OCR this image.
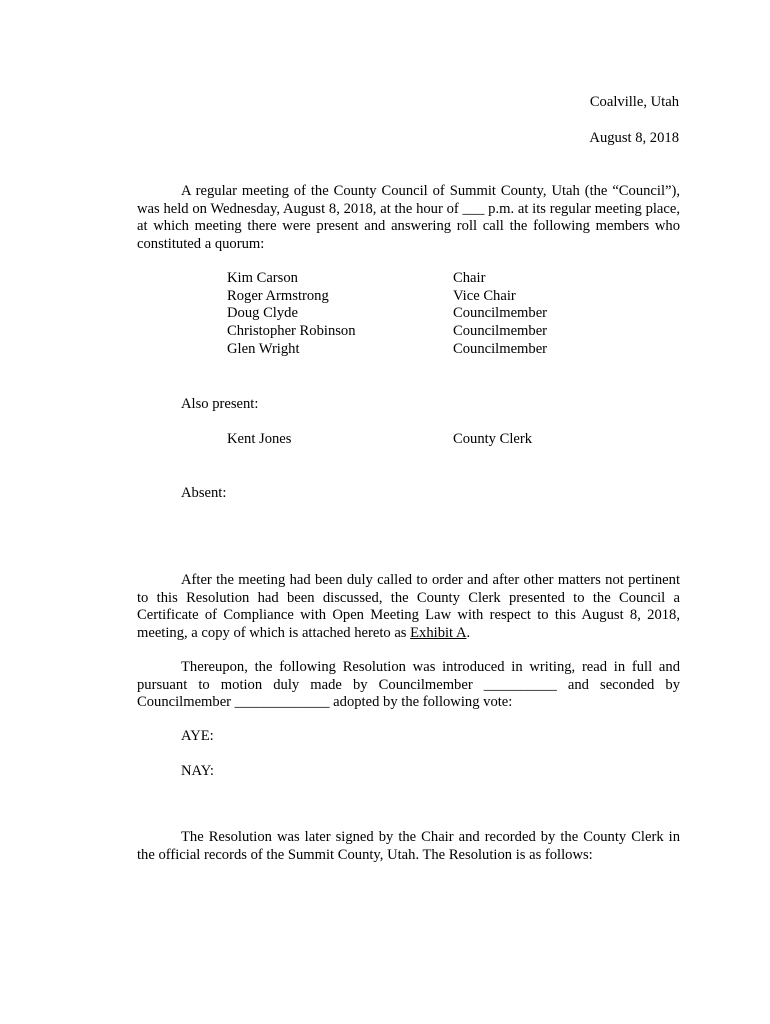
Coalville, Utah
August 8, 2018

A regular meeting of the County Council of Summit County, Utah (the “Council”), was held on Wednesday, August 8, 2018, at the hour of ___ p.m. at its regular meeting place, at which meeting there were present and answering roll call the following members who constituted a quorum:

Kim Carson	Chair
Roger Armstrong	Vice Chair
Doug Clyde	Councilmember
Christopher Robinson	Councilmember
Glen Wright	Councilmember
Also present:
Kent Jones	County Clerk
Absent:

After the meeting had been duly called to order and after other matters not pertinent to this Resolution had been discussed, the County Clerk presented to the Council a Certificate of Compliance with Open Meeting Law with respect to this August 8, 2018, meeting, a copy of which is attached hereto as Exhibit A.

Thereupon, the following Resolution was introduced in writing, read in full and pursuant to motion duly made by Councilmember __________ and seconded by Councilmember _____________ adopted by the following vote:

AYE:
NAY:

The Resolution was later signed by the Chair and recorded by the County Clerk in the official records of the Summit County, Utah. The Resolution is as follows:
